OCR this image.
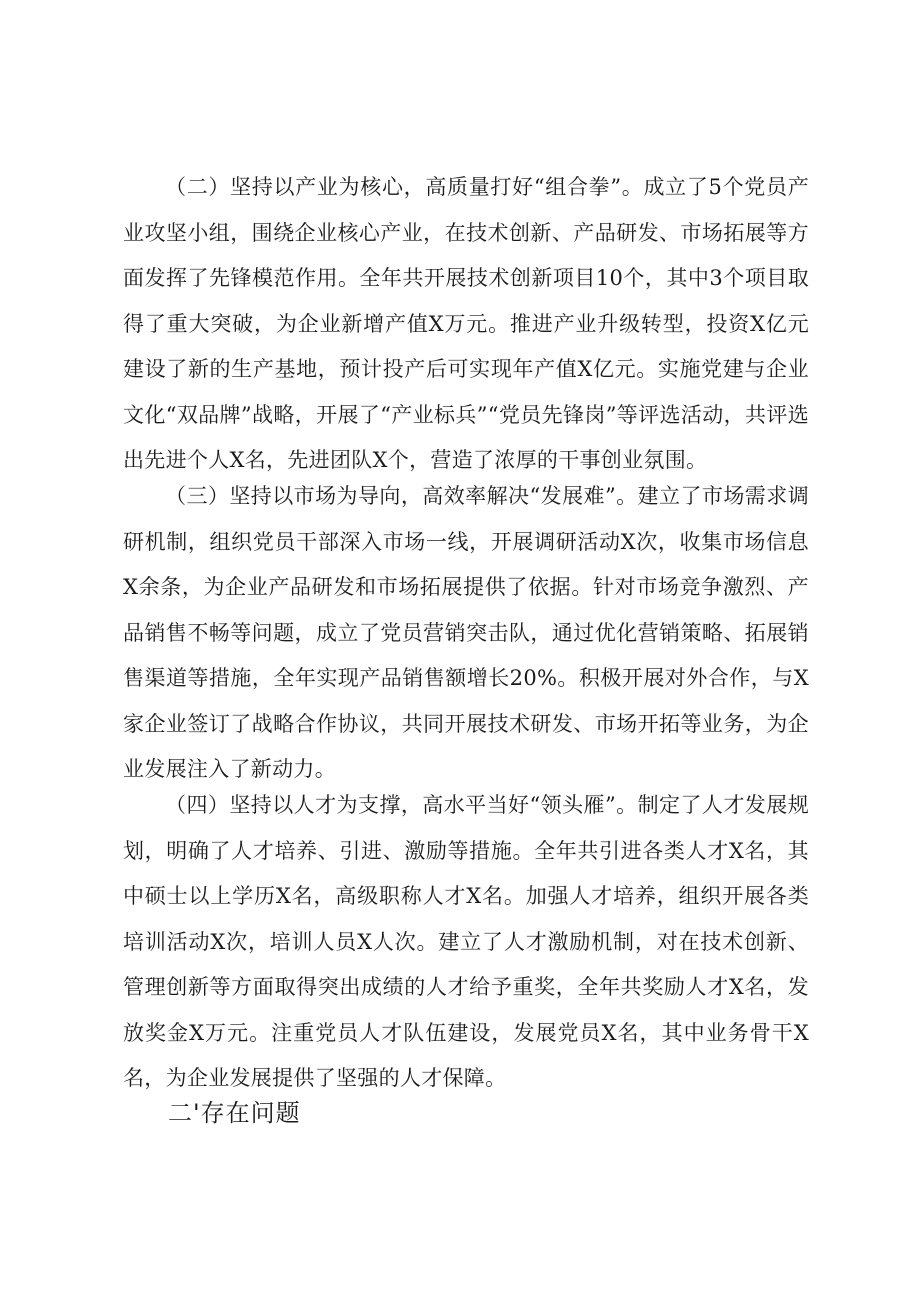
（二）坚持以产业为核心，高质量打好“组合拳”。成立了5个党员产业攻坚小组，围绕企业核心产业，在技术创新、产品研发、市场拓展等方面发挥了先锋模范作用。全年共开展技术创新项目10个，其中3个项目取得了重大突破，为企业新增产值X万元。推进产业升级转型，投资X亿元建设了新的生产基地，预计投产后可实现年产值X亿元。实施党建与企业文化“双品牌”战略，开展了“产业标兵”“党员先锋岗”等评选活动，共评选出先进个人X名，先进团队X个，营造了浓厚的干事创业氛围。

（三）坚持以市场为导向，高效率解决“发展难”。建立了市场需求调研机制，组织党员干部深入市场一线，开展调研活动X次，收集市场信息X余条，为企业产品研发和市场拓展提供了依据。针对市场竞争激烈、产品销售不畅等问题，成立了党员营销突击队，通过优化营销策略、拓展销售渠道等措施，全年实现产品销售额增长20%。积极开展对外合作，与X家企业签订了战略合作协议，共同开展技术研发、市场开拓等业务，为企业发展注入了新动力。

（四）坚持以人才为支撑，高水平当好“领头雁”。制定了人才发展规划，明确了人才培养、引进、激励等措施。全年共引进各类人才X名，其中硕士以上学历X名，高级职称人才X名。加强人才培养，组织开展各类培训活动X次，培训人员X人次。建立了人才激励机制，对在技术创新、管理创新等方面取得突出成绩的人才给予重奖，全年共奖励人才X名，发放奖金X万元。注重党员人才队伍建设，发展党员X名，其中业务骨干X名，为企业发展提供了坚强的人才保障。

二'存在问题
